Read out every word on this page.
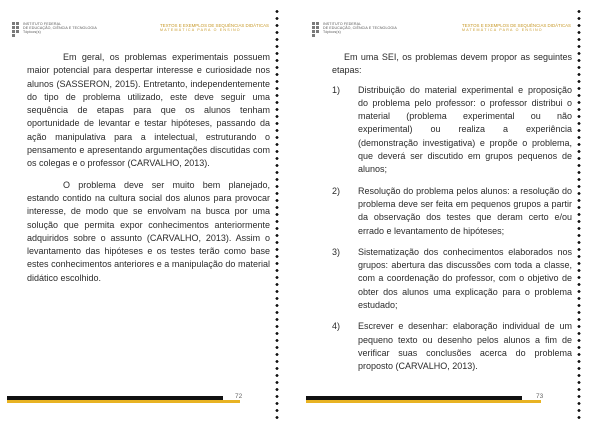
INSTITUTO FEDERAL
DE EDUCAÇÃO, CIÊNCIA E TECNOLOGIA
Tópicos(s)
TEXTOS E EXEMPLOS DE SEQUÊNCIAS DIDÁTICAS
MATEMÁTICA PARA O ENSINO

Em geral, os problemas experimentais possuem maior potencial para despertar interesse e curiosidade nos alunos (SASSERON, 2015). Entretanto, independentemente do tipo de problema utilizado, este deve seguir uma sequência de etapas para que os alunos tenham oportunidade de levantar e testar hipóteses, passando da ação manipulativa para a intelectual, estruturando o pensamento e apresentando argumentações discutidas com os colegas e o professor (CARVALHO, 2013).

O problema deve ser muito bem planejado, estando contido na cultura social dos alunos para provocar interesse, de modo que se envolvam na busca por uma solução que permita expor conhecimentos anteriormente adquiridos sobre o assunto (CARVALHO, 2013). Assim o levantamento das hipóteses e os testes terão como base estes conhecimentos anteriores e a manipulação do material didático escolhido.

72
INSTITUTO FEDERAL
DE EDUCAÇÃO, CIÊNCIA E TECNOLOGIA
Tópicos(s)
TEXTOS E EXEMPLOS DE SEQUÊNCIAS DIDÁTICAS
MATEMÁTICA PARA O ENSINO

Em uma SEI, os problemas devem propor as seguintes etapas:

1) Distribuição do material experimental e proposição do problema pelo professor: o professor distribui o material (problema experimental ou não experimental) ou realiza a experiência (demonstração investigativa) e propõe o problema, que deverá ser discutido em grupos pequenos de alunos;
2) Resolução do problema pelos alunos: a resolução do problema deve ser feita em pequenos grupos a partir da observação dos testes que deram certo e/ou errado e levantamento de hipóteses;
3) Sistematização dos conhecimentos elaborados nos grupos: abertura das discussões com toda a classe, com a coordenação do professor, com o objetivo de obter dos alunos uma explicação para o problema estudado;
4) Escrever e desenhar: elaboração individual de um pequeno texto ou desenho pelos alunos a fim de verificar suas conclusões acerca do problema proposto (CARVALHO, 2013).
73
